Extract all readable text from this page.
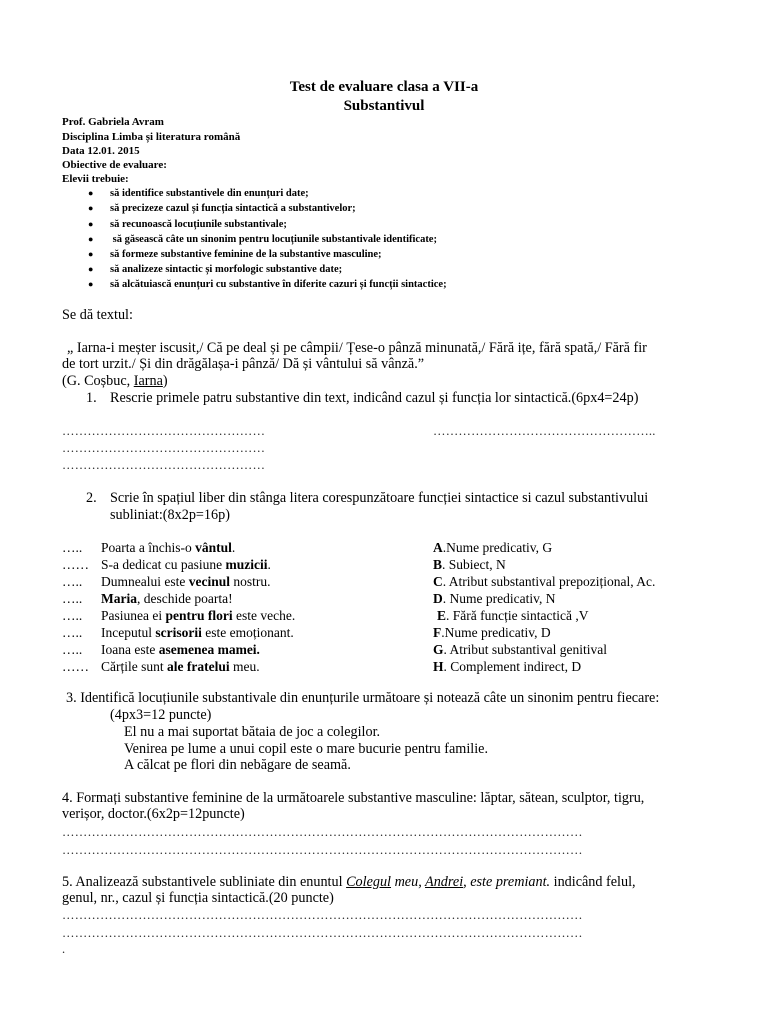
Test de evaluare clasa a VII-a
Substantivul
Prof. Gabriela Avram
Disciplina Limba și literatura română
Data 12.01. 2015
Obiective de evaluare:
Elevii trebuie:
● să identifice substantivele din enunțuri date;
● să precizeze cazul și funcția sintactică a substantivelor;
● să recunoască locuțiunile substantivale;
● să găsească câte un sinonim pentru locuțiunile substantivale identificate;
● să formeze substantive feminine de la substantive masculine;
● să analizeze sintactic și morfologic substantive date;
● să alcătuiască enunțuri cu substantive în diferite cazuri și funcții sintactice;
Se dă textul:
„ Iarna-i meșter iscusit,/ Că pe deal și pe câmpii/ Țese-o pânză minunată,/ Fără ițe, fără spată,/ Fără fir
de tort urzit./ Și din drăgălașa-i pânză/ Dă și vântului să vânză.”
(G. Coșbuc, Iarna)
1. Rescrie primele patru substantive din text, indicând cazul și funcția lor sintactică.(6px4=24p)
…………………………………………	……………………………………………..
…………………………………………
…………………………………………
2. Scrie în spațiul liber din stânga litera corespunzătoare funcției sintactice si cazul substantivului
subliniat:(8x2p=16p)
….. Poarta a închis-o vântul.	A.Nume predicativ, G
…… S-a dedicat cu pasiune muzicii.	B. Subiect, N
….. Dumnealui este vecinul nostru.	C. Atribut substantival prepozițional, Ac.
….. Maria, deschide poarta!	D. Nume predicativ, N
….. Pasiunea ei pentru flori este veche.	E. Fără funcție sintactică ,V
….. Inceputul scrisorii este emoționant.	F.Nume predicativ, D
….. Ioana este asemenea mamei.	G. Atribut substantival genitival
…… Cărțile sunt ale fratelui meu.	H. Complement indirect, D
3. Identifică locuțiunile substantivale din enunțurile următoare și notează câte un sinonim pentru fiecare:
(4px3=12 puncte)
El nu a mai suportat bătaia de joc a colegilor.
Venirea pe lume a unui copil este o mare bucurie pentru familie.
A călcat pe flori din nebăgare de seamă.
4. Formați substantive feminine de la următoarele substantive masculine: lăptar, sătean, sculptor, tigru,
verișor, doctor.(6x2p=12puncte)
……………………………………………………………………………………………………………
……………………………………………………………………………………………………………
5. Analizează substantivele subliniate din enuntul Colegul meu, Andrei, este premiant. indicând felul,
genul, nr., cazul și funcția sintactică.(20 puncte)
……………………………………………………………………………………………………………
……………………………………………………………………………………………………………
.
